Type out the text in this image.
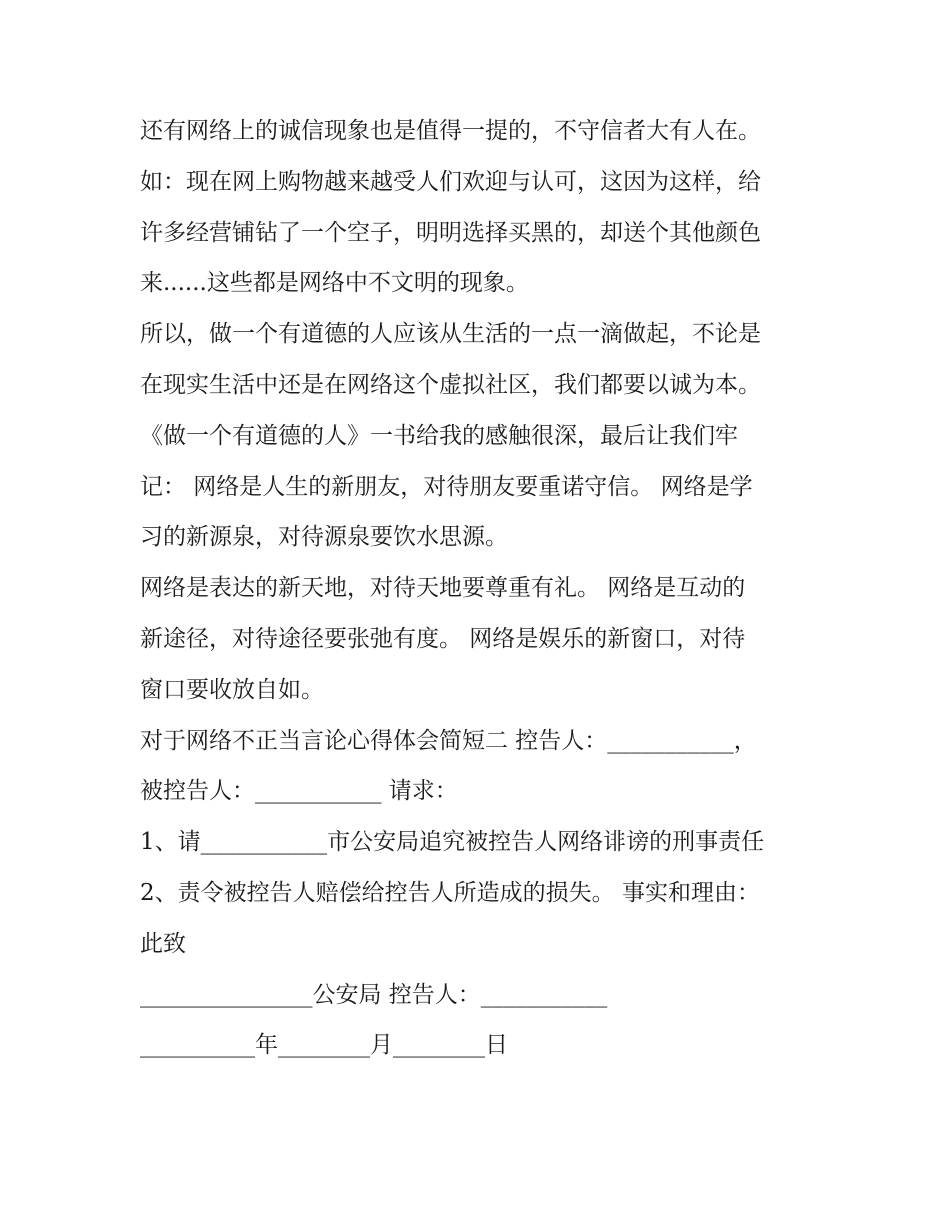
还有网络上的诚信现象也是值得一提的，不守信者大有人在。
如：现在网上购物越来越受人们欢迎与认可，这因为这样，给
许多经营铺钻了一个空子，明明选择买黑的，却送个其他颜色
来......这些都是网络中不文明的现象。
所以，做一个有道德的人应该从生活的一点一滴做起，不论是
在现实生活中还是在网络这个虚拟社区，我们都要以诚为本。
《做一个有道德的人》一书给我的感触很深，最后让我们牢
记： 网络是人生的新朋友，对待朋友要重诺守信。 网络是学
习的新源泉，对待源泉要饮水思源。
网络是表达的新天地，对待天地要尊重有礼。 网络是互动的
新途径，对待途径要张弛有度。 网络是娱乐的新窗口，对待
窗口要收放自如。
对于网络不正当言论心得体会简短二 控告人：___________，
被控告人：___________ 请求：
1、请___________市公安局追究被控告人网络诽谤的刑事责任
2、责令被控告人赔偿给控告人所造成的损失。 事实和理由：
此致
_______________公安局 控告人：___________
__________年________月________日
